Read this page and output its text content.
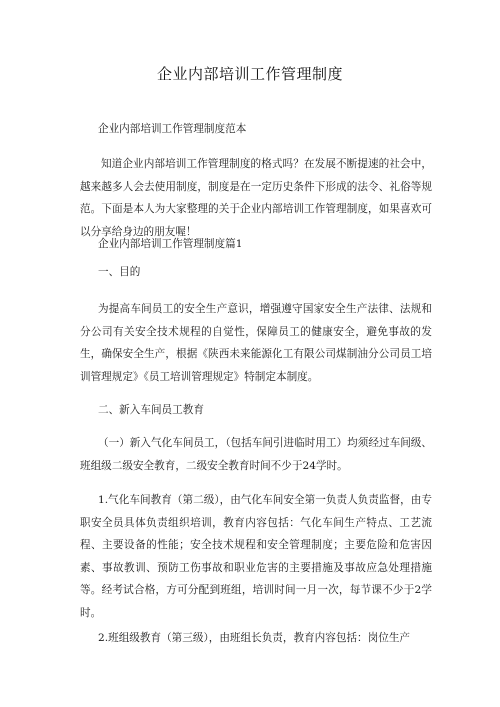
企业内部培训工作管理制度

企业内部培训工作管理制度范本

知道企业内部培训工作管理制度的格式吗？在发展不断提速的社会中，越来越多人会去使用制度，制度是在一定历史条件下形成的法令、礼俗等规范。下面是本人为大家整理的关于企业内部培训工作管理制度，如果喜欢可以分享给身边的朋友喔！

企业内部培训工作管理制度篇1

一、目的

为提高车间员工的安全生产意识，增强遵守国家安全生产法律、法规和分公司有关安全技术规程的自觉性，保障员工的健康安全，避免事故的发生，确保安全生产，根据《陕西未来能源化工有限公司煤制油分公司员工培训管理规定》《员工培训管理规定》特制定本制度。

二、新入车间员工教育

（一）新入气化车间员工，（包括车间引进临时用工）均须经过车间级、班组级二级安全教育，二级安全教育时间不少于24学时。

1.气化车间教育（第二级），由气化车间安全第一负责人负责监督，由专职安全员具体负责组织培训，教育内容包括：气化车间生产特点、工艺流程、主要设备的性能；安全技术规程和安全管理制度；主要危险和危害因素、事故教训、预防工伤事故和职业危害的主要措施及事故应急处理措施等。经考试合格，方可分配到班组，培训时间一月一次，每节课不少于2学时。

2.班组级教育（第三级），由班组长负责，教育内容包括：岗位生产
